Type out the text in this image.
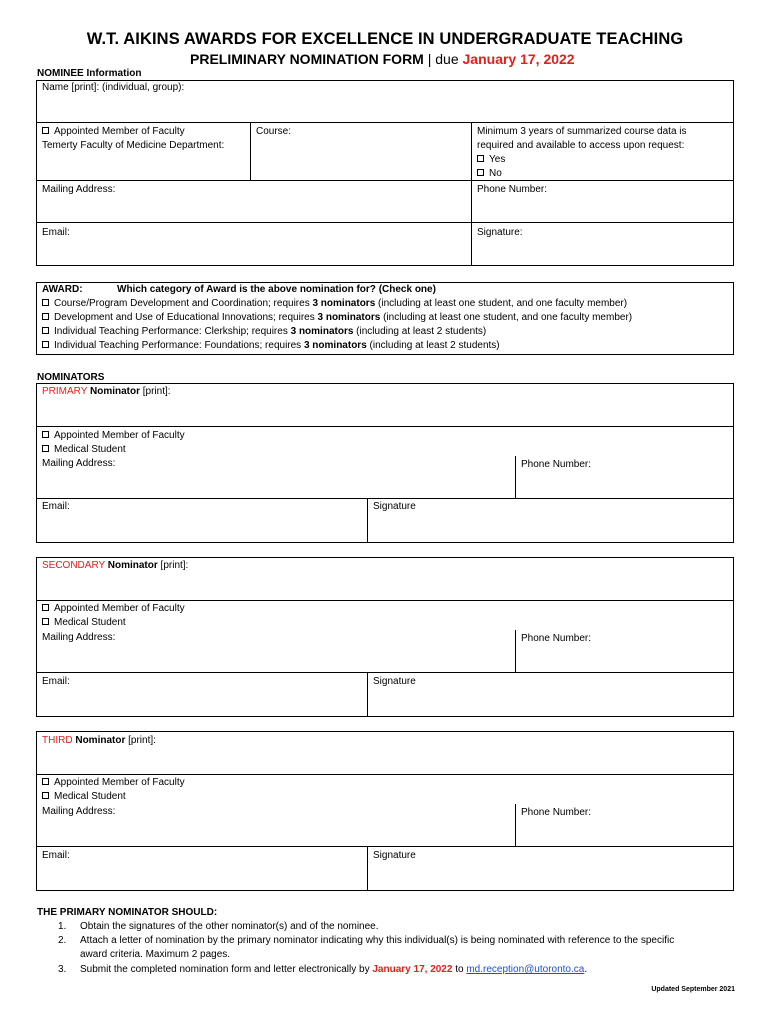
W.T. AIKINS AWARDS FOR EXCELLENCE IN UNDERGRADUATE TEACHING
PRELIMINARY NOMINATION FORM | due January 17, 2022
NOMINEE Information
Name [print]: (individual, group):
Appointed Member of Faculty
Temerty Faculty of Medicine Department:
Course:	Minimum 3 years of summarized course data is
required and available to access upon request:
Yes
No
Mailing Address:	Phone Number:
Email:	Signature:
AWARD:	Which category of Award is the above nomination for? (Check one)
Course/Program Development and Coordination; requires 3 nominators (including at least one student, and one faculty member)
Development and Use of Educational Innovations; requires 3 nominators (including at least one student, and one faculty member)
Individual Teaching Performance: Clerkship; requires 3 nominators (including at least 2 students)
Individual Teaching Performance: Foundations; requires 3 nominators (including at least 2 students)
NOMINATORS
PRIMARY Nominator [print]:
Appointed Member of Faculty
Medical Student
Mailing Address:	Phone Number:
Email:	Signature
SECONDARY Nominator [print]:
Appointed Member of Faculty
Medical Student
Mailing Address:	Phone Number:
Email:	Signature
THIRD Nominator [print]:
Appointed Member of Faculty
Medical Student
Mailing Address:	Phone Number:
Email:	Signature
THE PRIMARY NOMINATOR SHOULD:
1. Obtain the signatures of the other nominator(s) and of the nominee.
2. Attach a letter of nomination by the primary nominator indicating why this individual(s) is being nominated with reference to the specific
award criteria. Maximum 2 pages.
3. Submit the completed nomination form and letter electronically by January 17, 2022 to md.reception@utoronto.ca.
Updated September 2021
